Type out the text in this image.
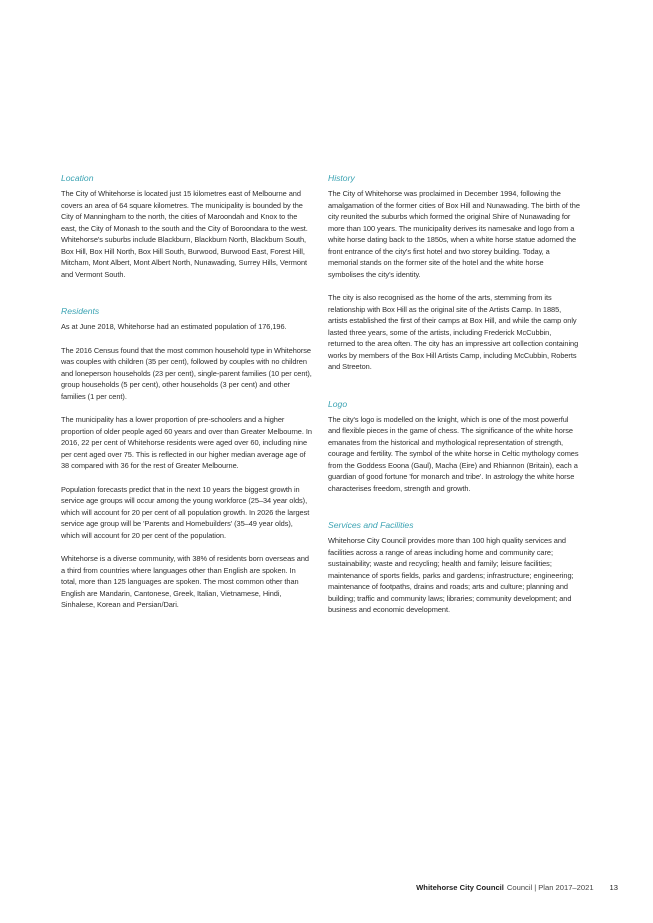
Location

The City of Whitehorse is located just 15 kilometres east of Melbourne and covers an area of 64 square kilometres. The municipality is bounded by the City of Manningham to the north, the cities of Maroondah and Knox to the east, the City of Monash to the south and the City of Boroondara to the west. Whitehorse's suburbs include Blackburn, Blackburn North, Blackburn South, Box Hill, Box Hill North, Box Hill South, Burwood, Burwood East, Forest Hill, Mitcham, Mont Albert, Mont Albert North, Nunawading, Surrey Hills, Vermont and Vermont South.

Residents

As at June 2018, Whitehorse had an estimated population of 176,196.

The 2016 Census found that the most common household type in Whitehorse was couples with children (35 per cent), followed by couples with no children and loneperson households (23 per cent), single-parent families (10 per cent), group households (5 per cent), other households (3 per cent) and other families (1 per cent).

The municipality has a lower proportion of pre-schoolers and a higher proportion of older people aged 60 years and over than Greater Melbourne. In 2016, 22 per cent of Whitehorse residents were aged over 60, including nine per cent aged over 75. This is reflected in our higher median average age of 38 compared with 36 for the rest of Greater Melbourne.

Population forecasts predict that in the next 10 years the biggest growth in service age groups will occur among the young workforce (25–34 year olds), which will account for 20 per cent of all population growth. In 2026 the largest service age group will be 'Parents and Homebuilders' (35–49 year olds), which will account for 20 per cent of the population.

Whitehorse is a diverse community, with 38% of residents born overseas and a third from countries where languages other than English are spoken. In total, more than 125 languages are spoken. The most common other than English are Mandarin, Cantonese, Greek, Italian, Vietnamese, Hindi, Sinhalese, Korean and Persian/Dari.

History

The City of Whitehorse was proclaimed in December 1994, following the amalgamation of the former cities of Box Hill and Nunawading. The birth of the city reunited the suburbs which formed the original Shire of Nunawading for more than 100 years. The municipality derives its namesake and logo from a white horse dating back to the 1850s, when a white horse statue adorned the front entrance of the city's first hotel and two storey building. Today, a memorial stands on the former site of the hotel and the white horse symbolises the city's identity.

The city is also recognised as the home of the arts, stemming from its relationship with Box Hill as the original site of the Artists Camp. In 1885, artists established the first of their camps at Box Hill, and while the camp only lasted three years, some of the artists, including Frederick McCubbin, returned to the area often. The city has an impressive art collection containing works by members of the Box Hill Artists Camp, including McCubbin, Roberts and Streeton.

Logo

The city's logo is modelled on the knight, which is one of the most powerful and flexible pieces in the game of chess. The significance of the white horse emanates from the historical and mythological representation of strength, courage and fertility. The symbol of the white horse in Celtic mythology comes from the Goddess Eoona (Gaul), Macha (Eire) and Rhiannon (Britain), each a guardian of good fortune 'for monarch and tribe'. In astrology the white horse characterises freedom, strength and growth.

Services and Facilities

Whitehorse City Council provides more than 100 high quality services and facilities across a range of areas including home and community care; sustainability; waste and recycling; health and family; leisure facilities; maintenance of sports fields, parks and gardens; infrastructure; engineering; maintenance of footpaths, drains and roads; arts and culture; planning and building; traffic and community laws; libraries; community development; and business and economic development.

Whitehorse City Council Council | Plan 2017–2021 13
